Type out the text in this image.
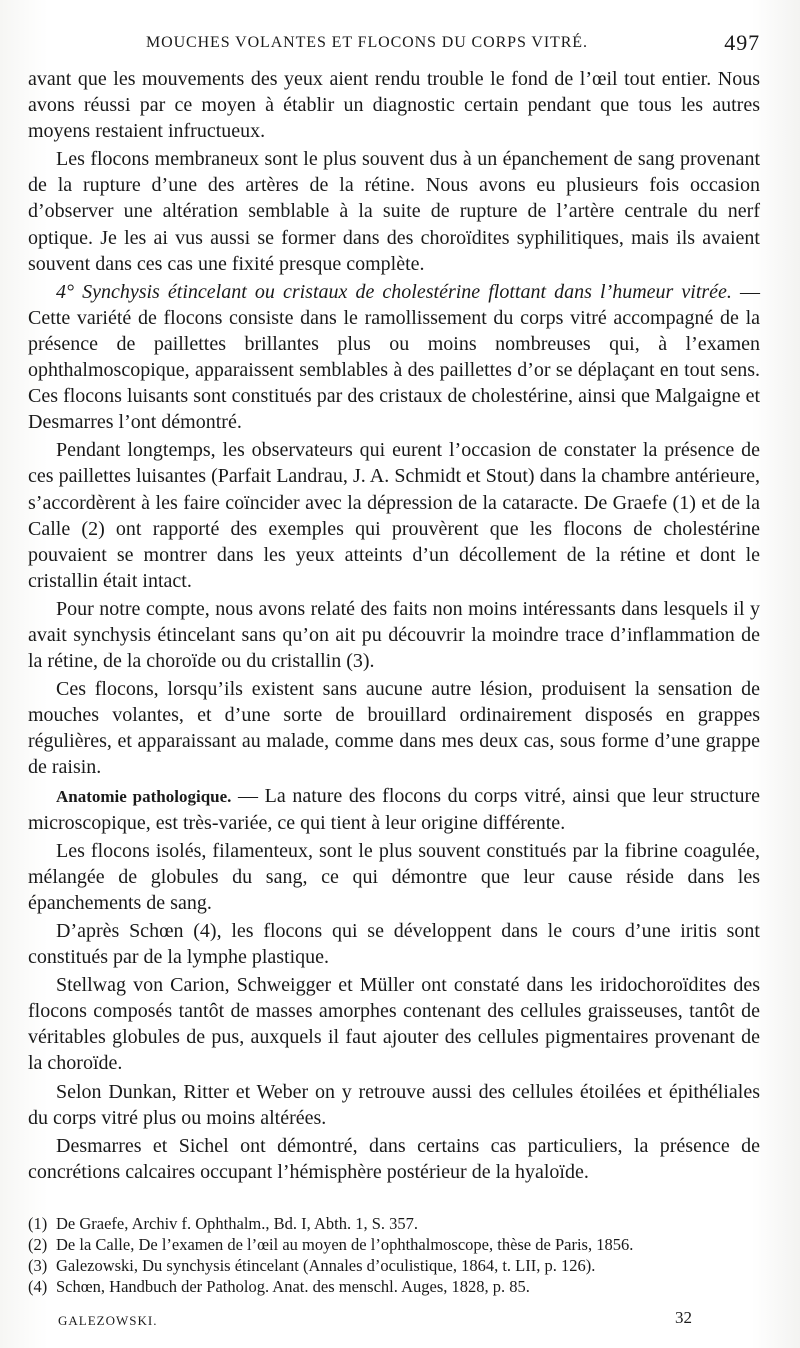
MOUCHES VOLANTES ET FLOCONS DU CORPS VITRÉ.	497

avant que les mouvements des yeux aient rendu trouble le fond de l’œil tout entier. Nous avons réussi par ce moyen à établir un diagnostic certain pendant que tous les autres moyens restaient infructueux.

Les flocons membraneux sont le plus souvent dus à un épanchement de sang provenant de la rupture d’une des artères de la rétine. Nous avons eu plusieurs fois occasion d’observer une altération semblable à la suite de rupture de l’artère centrale du nerf optique. Je les ai vus aussi se former dans des choroïdites syphilitiques, mais ils avaient souvent dans ces cas une fixité presque complète.

4° Synchysis étincelant ou cristaux de cholestérine flottant dans l’humeur vitrée. — Cette variété de flocons consiste dans le ramollissement du corps vitré accompagné de la présence de paillettes brillantes plus ou moins nombreuses qui, à l’examen ophthalmoscopique, apparaissent semblables à des paillettes d’or se déplaçant en tout sens. Ces flocons luisants sont constitués par des cristaux de cholestérine, ainsi que Malgaigne et Desmarres l’ont démontré.

Pendant longtemps, les observateurs qui eurent l’occasion de constater la présence de ces paillettes luisantes (Parfait Landrau, J. A. Schmidt et Stout) dans la chambre antérieure, s’accordèrent à les faire coïncider avec la dépression de la cataracte. De Graefe (1) et de la Calle (2) ont rapporté des exemples qui prouvèrent que les flocons de cholestérine pouvaient se montrer dans les yeux atteints d’un décollement de la rétine et dont le cristallin était intact.

Pour notre compte, nous avons relaté des faits non moins intéressants dans lesquels il y avait synchysis étincelant sans qu’on ait pu découvrir la moindre trace d’inflammation de la rétine, de la choroïde ou du cristallin (3).

Ces flocons, lorsqu’ils existent sans aucune autre lésion, produisent la sensation de mouches volantes, et d’une sorte de brouillard ordinairement disposés en grappes régulières, et apparaissant au malade, comme dans mes deux cas, sous forme d’une grappe de raisin.

Anatomie pathologique. — La nature des flocons du corps vitré, ainsi que leur structure microscopique, est très-variée, ce qui tient à leur origine différente.

Les flocons isolés, filamenteux, sont le plus souvent constitués par la fibrine coagulée, mélangée de globules du sang, ce qui démontre que leur cause réside dans les épanchements de sang.

D’après Schœn (4), les flocons qui se développent dans le cours d’une iritis sont constitués par de la lymphe plastique.

Stellwag von Carion, Schweigger et Müller ont constaté dans les iridochoroïdites des flocons composés tantôt de masses amorphes contenant des cellules graisseuses, tantôt de véritables globules de pus, auxquels il faut ajouter des cellules pigmentaires provenant de la choroïde.

Selon Dunkan, Ritter et Weber on y retrouve aussi des cellules étoilées et épithéliales du corps vitré plus ou moins altérées.

Desmarres et Sichel ont démontré, dans certains cas particuliers, la présence de concrétions calcaires occupant l’hémisphère postérieur de la hyaloïde.

(1) De Graefe, Archiv f. Ophthalm., Bd. I, Abth. 1, S. 357.
(2) De la Calle, De l’examen de l’œil au moyen de l’ophthalmoscope, thèse de Paris, 1856.
(3) Galezowski, Du synchysis étincelant (Annales d’oculistique, 1864, t. LII, p. 126).
(4) Schœn, Handbuch der Patholog. Anat. des menschl. Auges, 1828, p. 85.
GALEZOWSKI.	32
